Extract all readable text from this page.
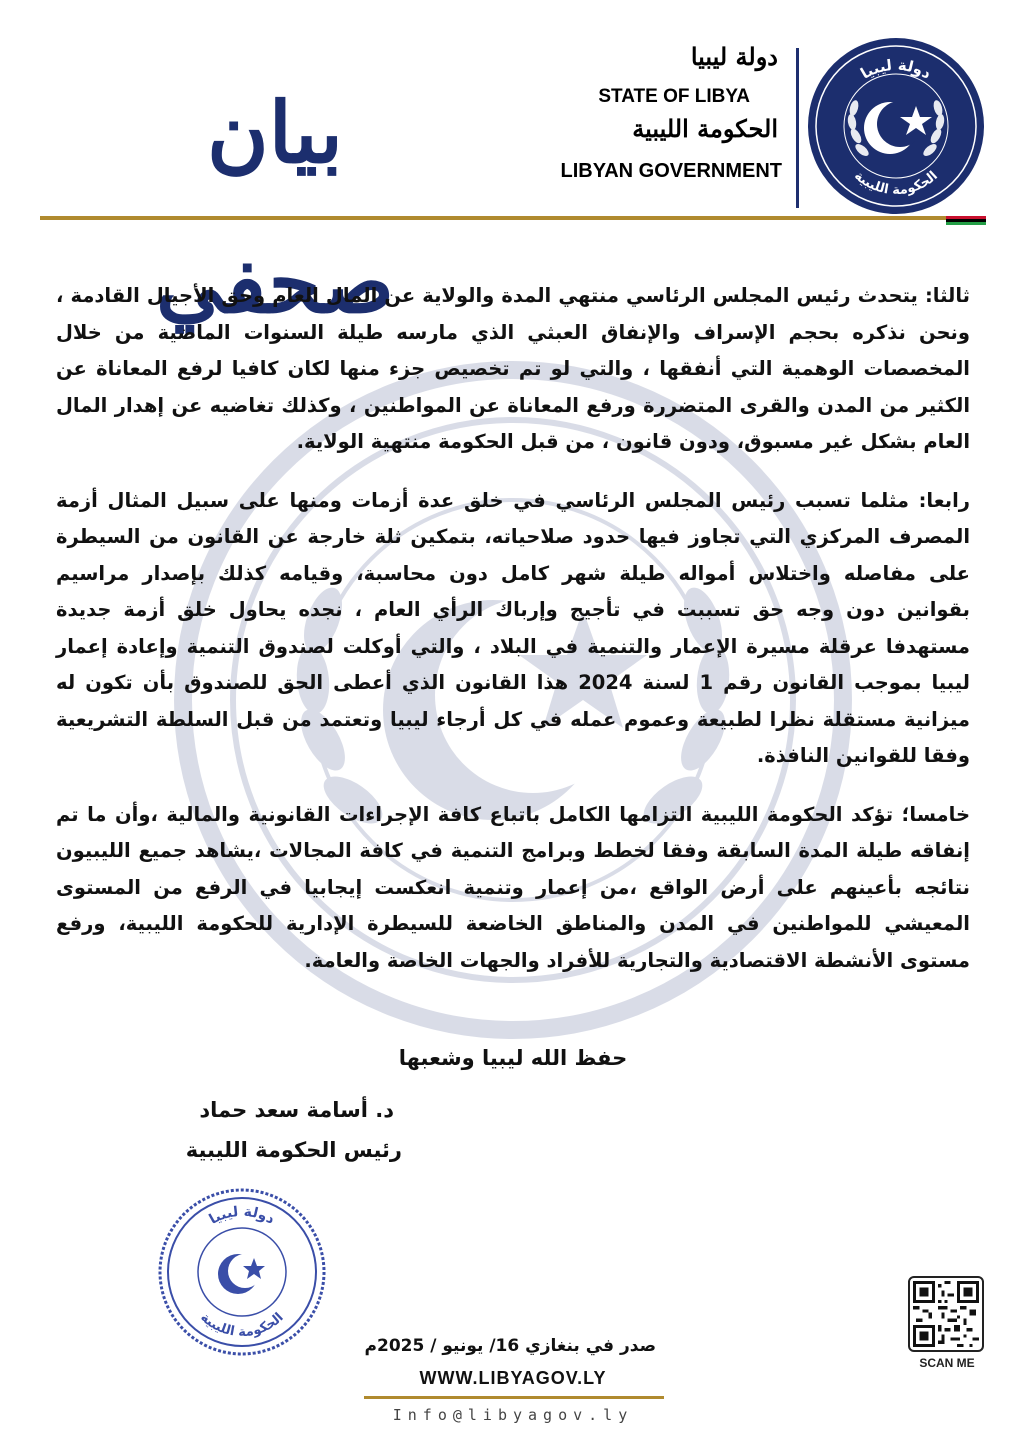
دولة ليبيا
الحكومة الليبية
دولة ليبيا
STATE OF LIBYA
الحكومة الليبية
LIBYAN GOVERNMENT
بيان صحفي

ثالثا: يتحدث رئيس المجلس الرئاسي منتهي المدة والولاية عن المال العام وحق الأجيال القادمة ، ونحن نذكره بحجم الإسراف والإنفاق العبثي الذي مارسه طيلة السنوات الماضية من خلال المخصصات الوهمية التي أنفقها ، والتي لو تم تخصيص جزء منها لكان كافيا لرفع المعاناة عن الكثير من المدن والقرى المتضررة ورفع المعاناة عن المواطنين ، وكذلك تغاضيه عن إهدار المال العام بشكل غير مسبوق، ودون قانون ، من قبل الحكومة منتهية الولاية.

رابعا: مثلما تسبب رئيس المجلس الرئاسي في خلق عدة أزمات ومنها على سبيل المثال أزمة المصرف المركزي التي تجاوز فيها حدود صلاحياته، بتمكين ثلة خارجة عن القانون من السيطرة على مفاصله واختلاس أمواله طيلة شهر كامل دون محاسبة، وقيامه كذلك بإصدار مراسيم بقوانين دون وجه حق تسببت في تأجيج وإرباك الرأي العام ، نجده يحاول خلق أزمة جديدة مستهدفا عرقلة مسيرة الإعمار والتنمية في البلاد ، والتي أوكلت لصندوق التنمية وإعادة إعمار ليبيا بموجب القانون رقم 1 لسنة 2024 هذا القانون الذي أعطى الحق للصندوق بأن تكون له ميزانية مستقلة نظرا لطبيعة وعموم عمله في كل أرجاء ليبيا وتعتمد من قبل السلطة التشريعية وفقا للقوانين النافذة.

خامسا؛ تؤكد الحكومة الليبية التزامها الكامل باتباع كافة الإجراءات القانونية والمالية ،وأن ما تم إنفاقه طيلة المدة السابقة وفقا لخطط وبرامج التنمية في كافة المجالات ،يشاهد جميع الليبيون نتائجه بأعينهم على أرض الواقع ،من إعمار وتنمية انعكست إيجابيا في الرفع من المستوى المعيشي للمواطنين في المدن والمناطق الخاضعة للسيطرة الإدارية للحكومة الليبية، ورفع مستوى الأنشطة الاقتصادية والتجارية للأفراد والجهات الخاصة والعامة.

حفظ الله ليبيا وشعبها
د. أسامة سعد حماد
رئيس الحكومة الليبية
دولة ليبيا
الحكومة الليبية
صدر في بنغازي 16/ يونيو / 2025م
SCAN ME
WWW.LIBYAGOV.LY
Info@libyagov.ly
